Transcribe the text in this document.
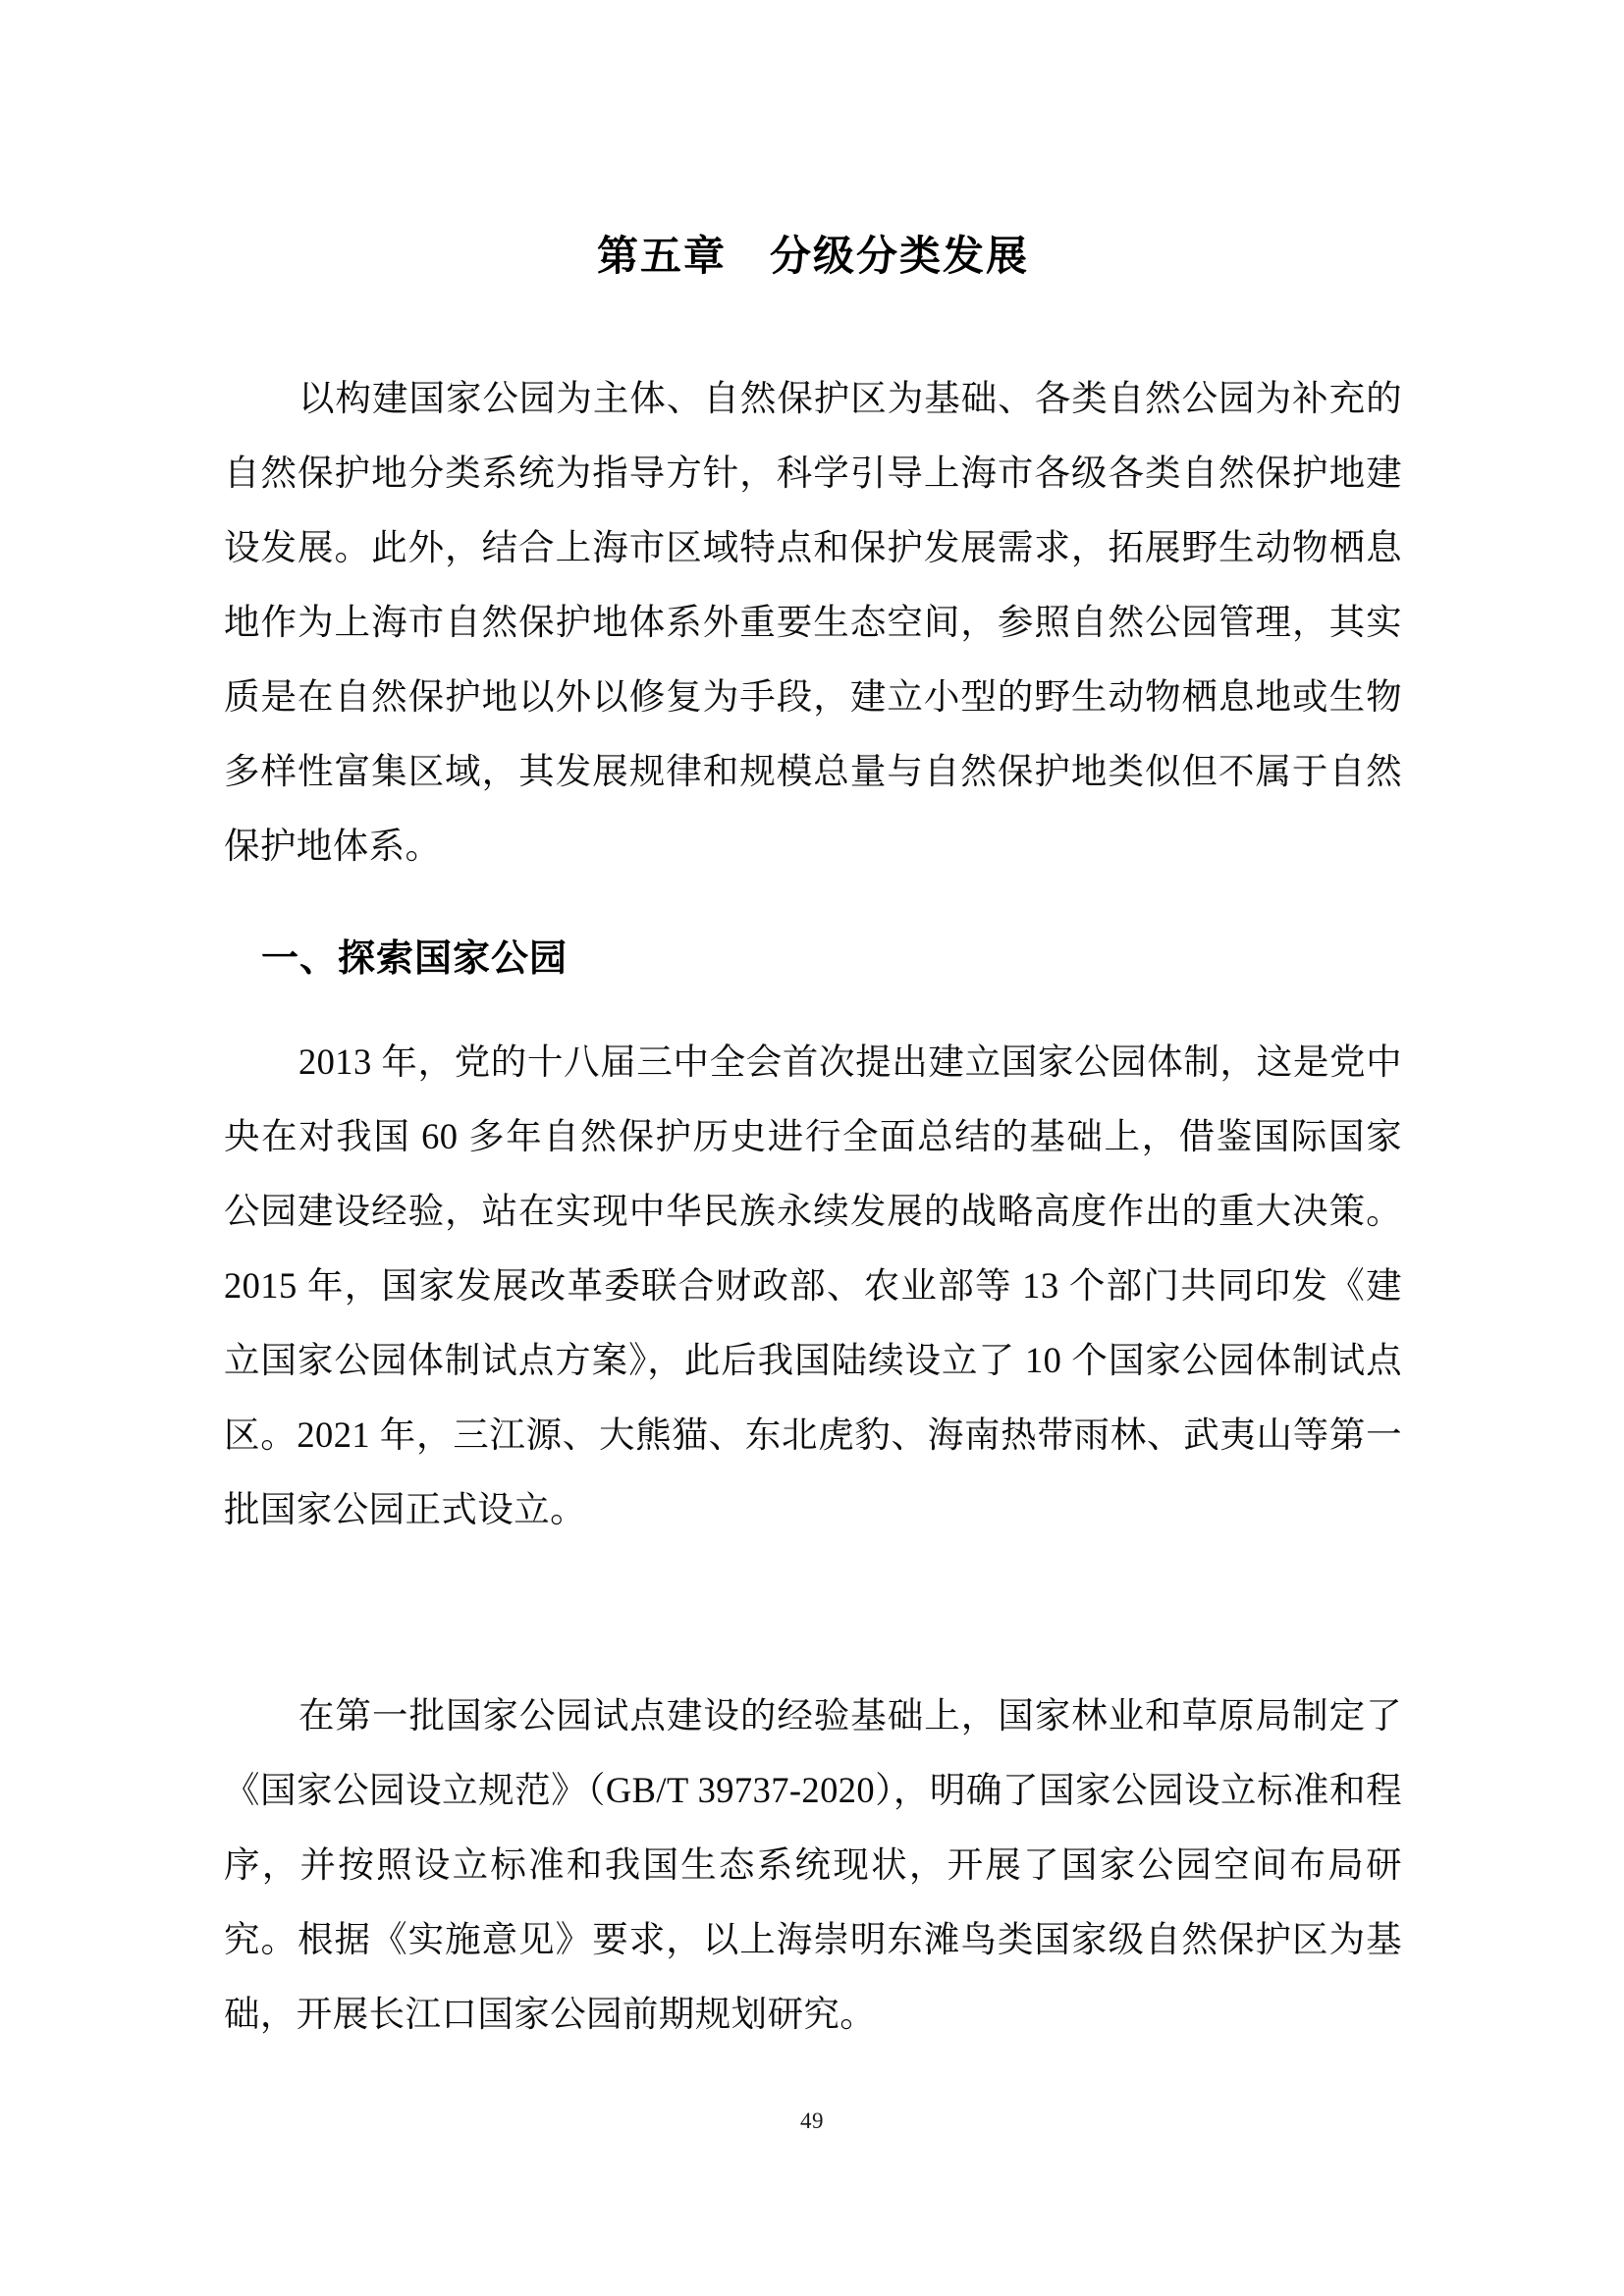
第五章　分级分类发展

以构建国家公园为主体、自然保护区为基础、各类自然公园为补充的自然保护地分类系统为指导方针，科学引导上海市各级各类自然保护地建设发展。此外，结合上海市区域特点和保护发展需求，拓展野生动物栖息地作为上海市自然保护地体系外重要生态空间，参照自然公园管理，其实质是在自然保护地以外以修复为手段，建立小型的野生动物栖息地或生物多样性富集区域，其发展规律和规模总量与自然保护地类似但不属于自然保护地体系。

一、探索国家公园

2013 年，党的十八届三中全会首次提出建立国家公园体制，这是党中央在对我国 60 多年自然保护历史进行全面总结的基础上，借鉴国际国家公园建设经验，站在实现中华民族永续发展的战略高度作出的重大决策。2015 年，国家发展改革委联合财政部、农业部等 13 个部门共同印发《建立国家公园体制试点方案》，此后我国陆续设立了 10 个国家公园体制试点区。2021 年，三江源、大熊猫、东北虎豹、海南热带雨林、武夷山等第一批国家公园正式设立。

在第一批国家公园试点建设的经验基础上，国家林业和草原局制定了《国家公园设立规范》（GB/T 39737-2020），明确了国家公园设立标准和程序，并按照设立标准和我国生态系统现状，开展了国家公园空间布局研究。根据《实施意见》要求，以上海崇明东滩鸟类国家级自然保护区为基础，开展长江口国家公园前期规划研究。

49
